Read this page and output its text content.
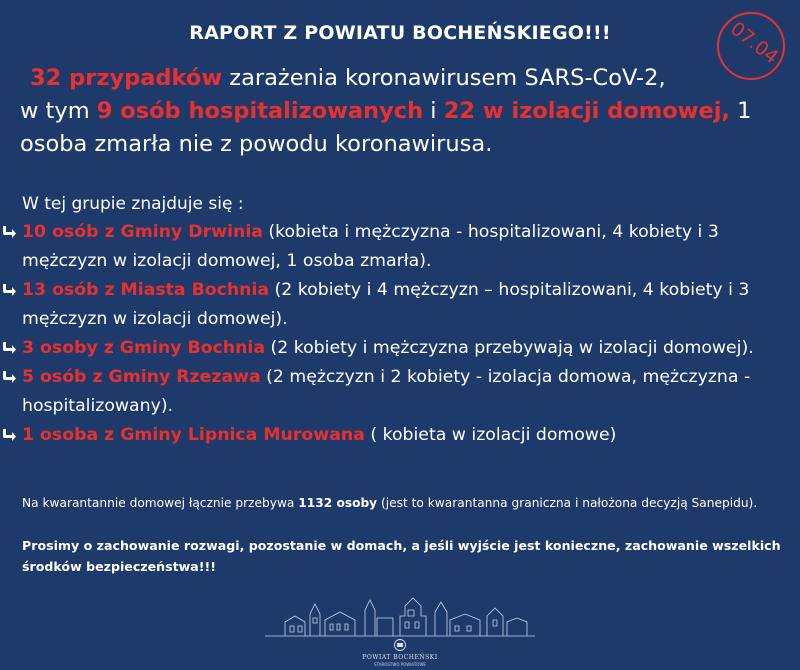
RAPORT Z POWIATU BOCHEŃSKIEGO!!!	07.04
32 przypadków zarażenia koronawirusem SARS-CoV-2,
w tym 9 osób hospitalizowanych i 22 w izolacji domowej, 1 osoba zmarła nie z powodu koronawirusa.
W tej grupie znajduje się :
10 osób z Gminy Drwinia (kobieta i mężczyzna - hospitalizowani, 4 kobiety i 3 mężczyzn w izolacji domowej, 1 osoba zmarła).
13 osób z Miasta Bochnia (2 kobiety i 4 mężczyzn – hospitalizowani, 4 kobiety i 3 mężczyzn w izolacji domowej).
3 osoby z Gminy Bochnia (2 kobiety i mężczyzna przebywają w izolacji domowej).
5 osób z Gminy Rzezawa (2 mężczyzn i 2 kobiety - izolacja domowa, mężczyzna - hospitalizowany).
1 osoba z Gminy Lipnica Murowana ( kobieta w izolacji domowe)
Na kwarantannie domowej łącznie przebywa 1132 osoby (jest to kwarantanna graniczna i nałożona decyzją Sanepidu).
Prosimy o zachowanie rozwagi, pozostanie w domach, a jeśli wyjście jest konieczne, zachowanie wszelkich środków bezpieczeństwa!!!
POWIAT BOCHEŃSKI
STAROSTWO POWIATOWE
